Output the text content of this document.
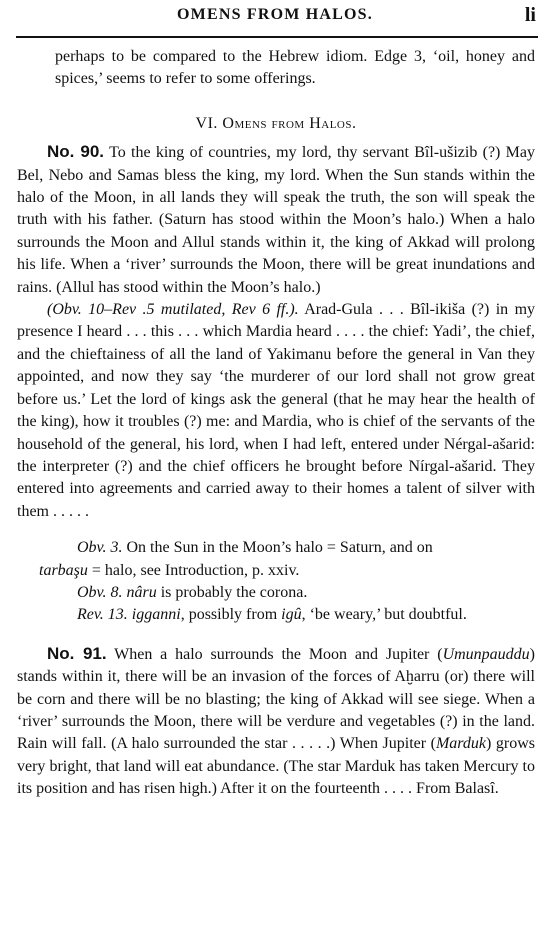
OMENS FROM HALOS.	li

perhaps to be compared to the Hebrew idiom. Edge 3, ‘oil, honey and spices,’ seems to refer to some offerings.

VI. Omens from Halos.

No. 90. To the king of countries, my lord, thy servant Bîl-ušizib (?) May Bel, Nebo and Samas bless the king, my lord. When the Sun stands within the halo of the Moon, in all lands they will speak the truth, the son will speak the truth with his father. (Saturn has stood within the Moon’s halo.) When a halo surrounds the Moon and Allul stands within it, the king of Akkad will prolong his life. When a ‘river’ surrounds the Moon, there will be great inundations and rains. (Allul has stood within the Moon’s halo.)

(Obv. 10–Rev .5 mutilated, Rev 6 ff.). Arad-Gula . . . Bîl-ikiša (?) in my presence I heard . . . this . . . which Mardia heard . . . . the chief: Yadi’, the chief, and the chieftainess of all the land of Yakimanu before the general in Van they appointed, and now they say ‘the murderer of our lord shall not grow great before us.’ Let the lord of kings ask the general (that he may hear the health of the king), how it troubles (?) me: and Mardia, who is chief of the servants of the household of the general, his lord, when I had left, entered under Nérgal-ašarid: the interpreter (?) and the chief officers he brought before Nírgal-ašarid. They entered into agreements and carried away to their homes a talent of silver with them . . . . .

Obv. 3. On the Sun in the Moon’s halo = Saturn, and on

tarbaşu = halo, see Introduction, p. xxiv.

Obv. 8. nâru is probably the corona.

Rev. 13. igganni, possibly from igû, ‘be weary,’ but doubtful.

No. 91. When a halo surrounds the Moon and Jupiter (Umunpauddu) stands within it, there will be an invasion of the forces of Aḫarru (or) there will be corn and there will be no blasting; the king of Akkad will see siege. When a ‘river’ surrounds the Moon, there will be verdure and vegetables (?) in the land. Rain will fall. (A halo surrounded the star . . . . .) When Jupiter (Marduk) grows very bright, that land will eat abundance. (The star Marduk has taken Mercury to its position and has risen high.) After it on the fourteenth . . . . From Balasî.
